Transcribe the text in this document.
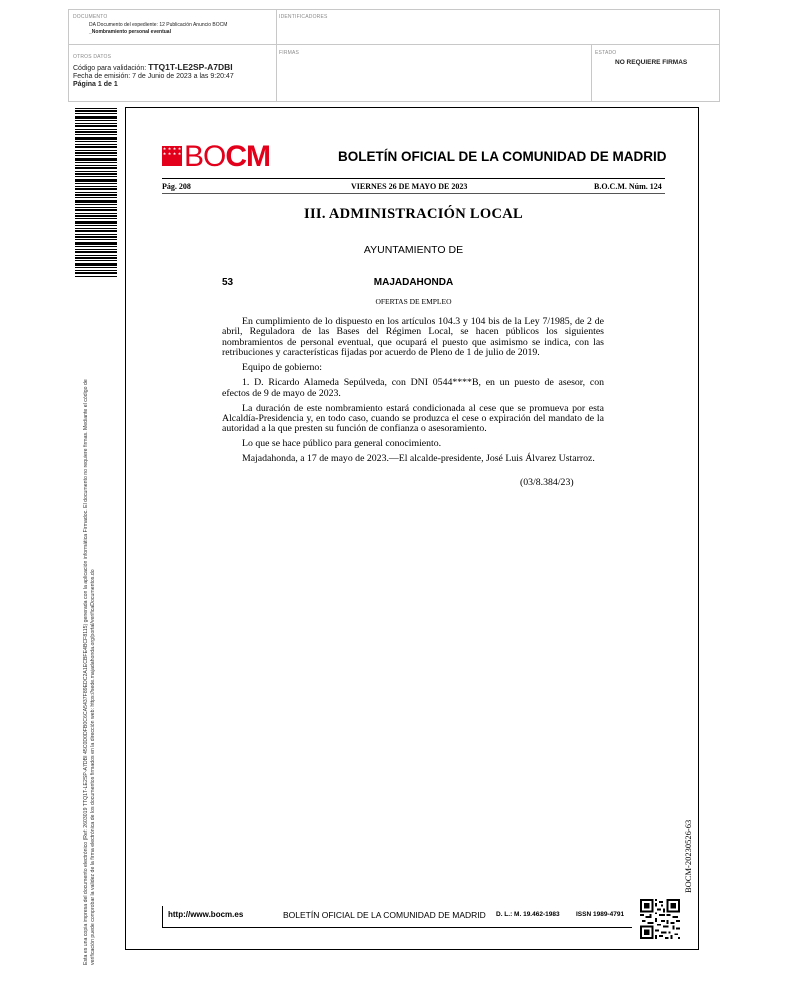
DOCUMENTO
DA Documento del expediente: 12 Publicación Anuncio BOCM
_Nombramiento personal eventual
IDENTIFICADORES
OTROS DATOS
Código para validación: TTQ1T-LE2SP-A7DBI
Fecha de emisión: 7 de Junio de 2023 a las 9:20:47
Página 1 de 1
FIRMAS	ESTADO
NO REQUIERE FIRMAS
Esta es una copia impresa del documento electrónico (Ref: 2603019 TTQ1T-LE2SP-A7DBI 45C0D0DFB0C6CA5437F89EDC2A1ECBFE4BCF8115) generada con la aplicación informática Firmadoc. El documento no requiere firmas. Mediante el código de verificación puede comprobar la validez de la firma electrónica de los documentos firmados en la dirección web: https://sede.majadahonda.org/portal/verificaDocumentos.do
★ ★ ★ ★
★ ★ ★ ★ BOCM	BOLETÍN OFICIAL DE LA COMUNIDAD DE MADRID
Pág. 208	VIERNES 26 DE MAYO DE 2023	B.O.C.M. Núm. 124
III. ADMINISTRACIÓN LOCAL
AYUNTAMIENTO DE
53	MAJADAHONDA
OFERTAS DE EMPLEO

En cumplimiento de lo dispuesto en los artículos 104.3 y 104 bis de la Ley 7/1985, de 2 de abril, Reguladora de las Bases del Régimen Local, se hacen públicos los siguientes nombramientos de personal eventual, que ocupará el puesto que asimismo se indica, con las retribuciones y características fijadas por acuerdo de Pleno de 1 de julio de 2019.

Equipo de gobierno:

1. D. Ricardo Alameda Sepúlveda, con DNI 0544****B, en un puesto de asesor, con efectos de 9 de mayo de 2023.

La duración de este nombramiento estará condicionada al cese que se promueva por esta Alcaldía-Presidencia y, en todo caso, cuando se produzca el cese o expiración del mandato de la autoridad a la que presten su función de confianza o asesoramiento.

Lo que se hace público para general conocimiento.

Majadahonda, a 17 de mayo de 2023.—El alcalde-presidente, José Luis Álvarez Ustarroz.

(03/8.384/23)
BOCM-20230526-63
http://www.bocm.es	BOLETÍN OFICIAL DE LA COMUNIDAD DE MADRID D. L.: M. 19.462-1983	ISSN 1989-4791
